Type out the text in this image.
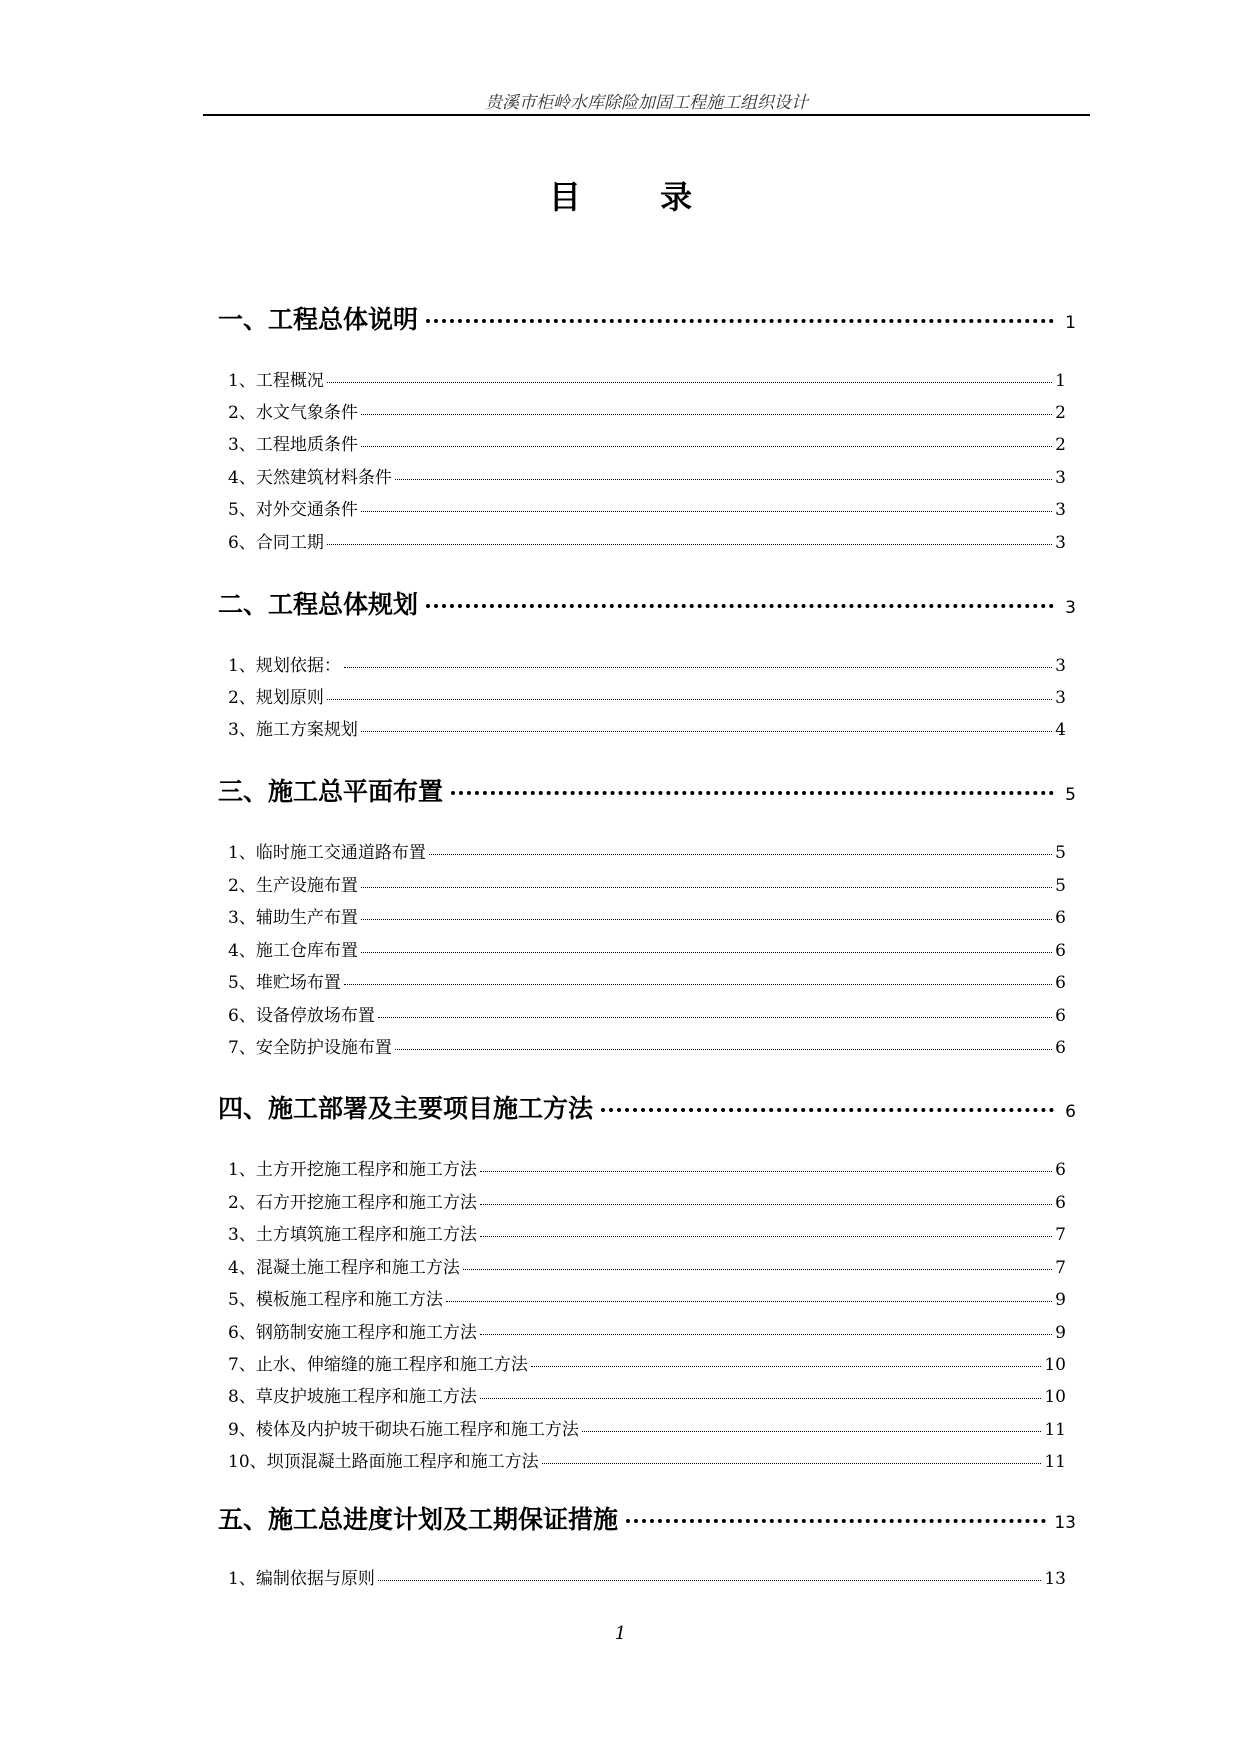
贵溪市柜岭水库除险加固工程施工组织设计
目 录
一、工程总体说明	1
1、工程概况	1
2、水文气象条件	2
3、工程地质条件	2
4、天然建筑材料条件	3
5、对外交通条件	3
6、合同工期	3
二、工程总体规划	3
1、规划依据：	3
2、规划原则	3
3、施工方案规划	4
三、施工总平面布置	5
1、临时施工交通道路布置	5
2、生产设施布置	5
3、辅助生产布置	6
4、施工仓库布置	6
5、堆贮场布置	6
6、设备停放场布置	6
7、安全防护设施布置	6
四、施工部署及主要项目施工方法	6
1、土方开挖施工程序和施工方法	6
2、石方开挖施工程序和施工方法	6
3、土方填筑施工程序和施工方法	7
4、混凝土施工程序和施工方法	7
5、模板施工程序和施工方法	9
6、钢筋制安施工程序和施工方法	9
7、止水、伸缩缝的施工程序和施工方法	10
8、草皮护坡施工程序和施工方法	10
9、棱体及内护坡干砌块石施工程序和施工方法	11
10、坝顶混凝土路面施工程序和施工方法	11
五、施工总进度计划及工期保证措施	13
1、编制依据与原则	13
1
